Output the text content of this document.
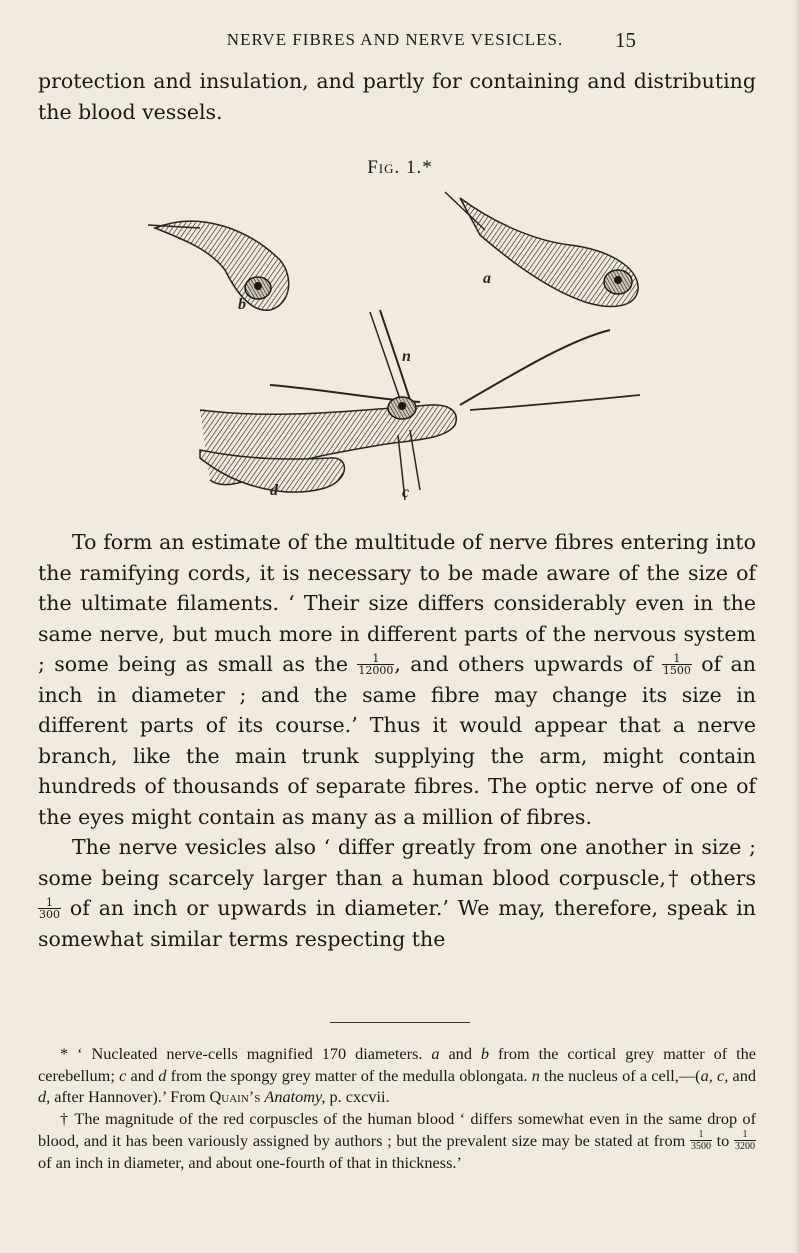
NERVE FIBRES AND NERVE VESICLES.	15

protection and insulation, and partly for containing and distributing the blood vessels.

Fig. 1.*
a
b
c
d
n

To form an estimate of the multitude of nerve fibres entering into the ramifying cords, it is necessary to be made aware of the size of the ultimate filaments. ‘ Their size differs considerably even in the same nerve, but much more in different parts of the nervous system ; some being as small as the $\frac{1}{12000}$ , and others upwards of $\frac{1}{1500}$ of an inch in diameter ; and the same fibre may change its size in different parts of its course.’ Thus it would appear that a nerve branch, like the main trunk supplying the arm, might contain hundreds of thousands of separate fibres. The optic nerve of one of the eyes might contain as many as a million of fibres.

The nerve vesicles also ‘ differ greatly from one another in size ; some being scarcely larger than a human blood corpuscle,† others
$\frac{1}{300}$ of an inch or upwards in diameter.’ We may, therefore, speak in somewhat similar terms respecting the

* ‘ Nucleated nerve-cells magnified 170 diameters. a and b from the cortical grey matter of the cerebellum; c and d from the spongy grey matter of the medulla oblongata. n the nucleus of a cell,—(a, c, and d, after Hannover).’ From Quain’s Anatomy, p. cxcvii.

† The magnitude of the red corpuscles of the human blood ‘ differs somewhat even in the same drop of blood, and it has been variously assigned by authors ; but the prevalent size may be stated at from $\frac{1}{3500}$ to $\frac{1}{3200}$
of an inch in diameter, and about one-fourth of that in thickness.’
